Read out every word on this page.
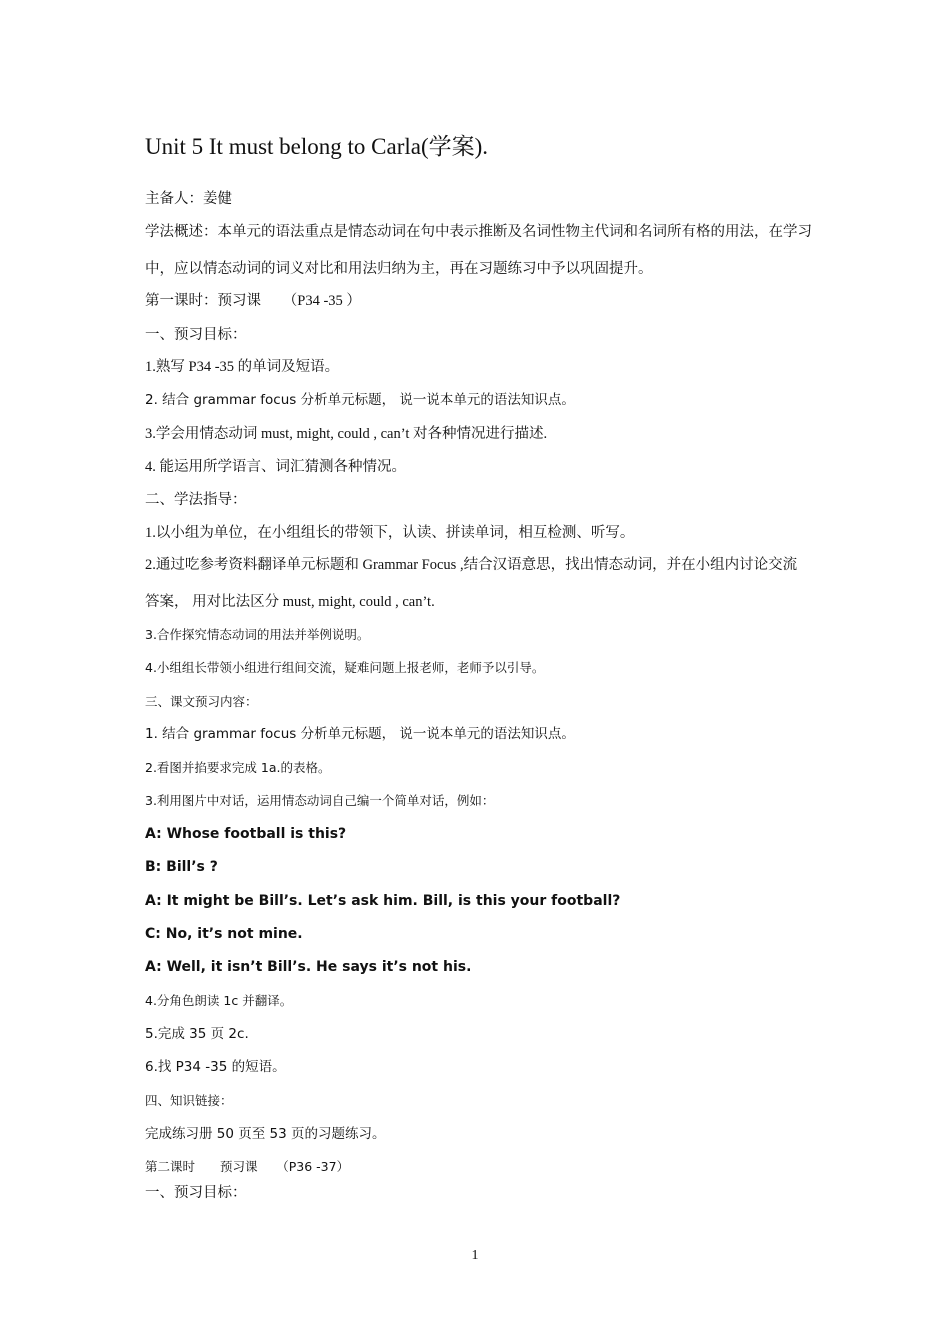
Unit 5 It must belong to Carla(学案).
主备人：姜健
学法概述：本单元的语法重点是情态动词在句中表示推断及名词性物主代词和名词所有格的用法，在学习
中，应以情态动词的词义对比和用法归纳为主，再在习题练习中予以巩固提升。
第一课时：预习课　　（P34 -35 ）
一、预习目标：
1.熟写 P34 -35 的单词及短语。
2. 结合 grammar focus 分析单元标题， 说一说本单元的语法知识点。
3.学会用情态动词 must, might, could , can’t 对各种情况进行描述.
4. 能运用所学语言、词汇猜测各种情况。
二、学法指导：
1.以小组为单位，在小组组长的带领下，认读、拼读单词，相互检测、听写。
2.通过吃参考资料翻译单元标题和 Grammar Focus ,结合汉语意思，找出情态动词，并在小组内讨论交流
答案， 用对比法区分 must, might, could , can’t.
3.合作探究情态动词的用法并举例说明。
4.小组组长带领小组进行组间交流，疑难问题上报老师，老师予以引导。
三、课文预习内容：
1. 结合 grammar focus 分析单元标题， 说一说本单元的语法知识点。
2.看图并掐要求完成 1a.的表格。
3.利用图片中对话，运用情态动词自己编一个简单对话，例如：
A: Whose football is this?
B: Bill’s ?
A: It might be Bill’s. Let’s ask him. Bill, is this your football?
C: No, it’s not mine.
A: Well, it isn’t Bill’s. He says it’s not his.
4.分角色朗读 1c 并翻译。
5.完成 35 页 2c.
6.找 P34 -35 的短语。
四、知识链接：
完成练习册 50 页至 53 页的习题练习。
第二课时　　预习课　　（P36 -37）
一、预习目标：
1
